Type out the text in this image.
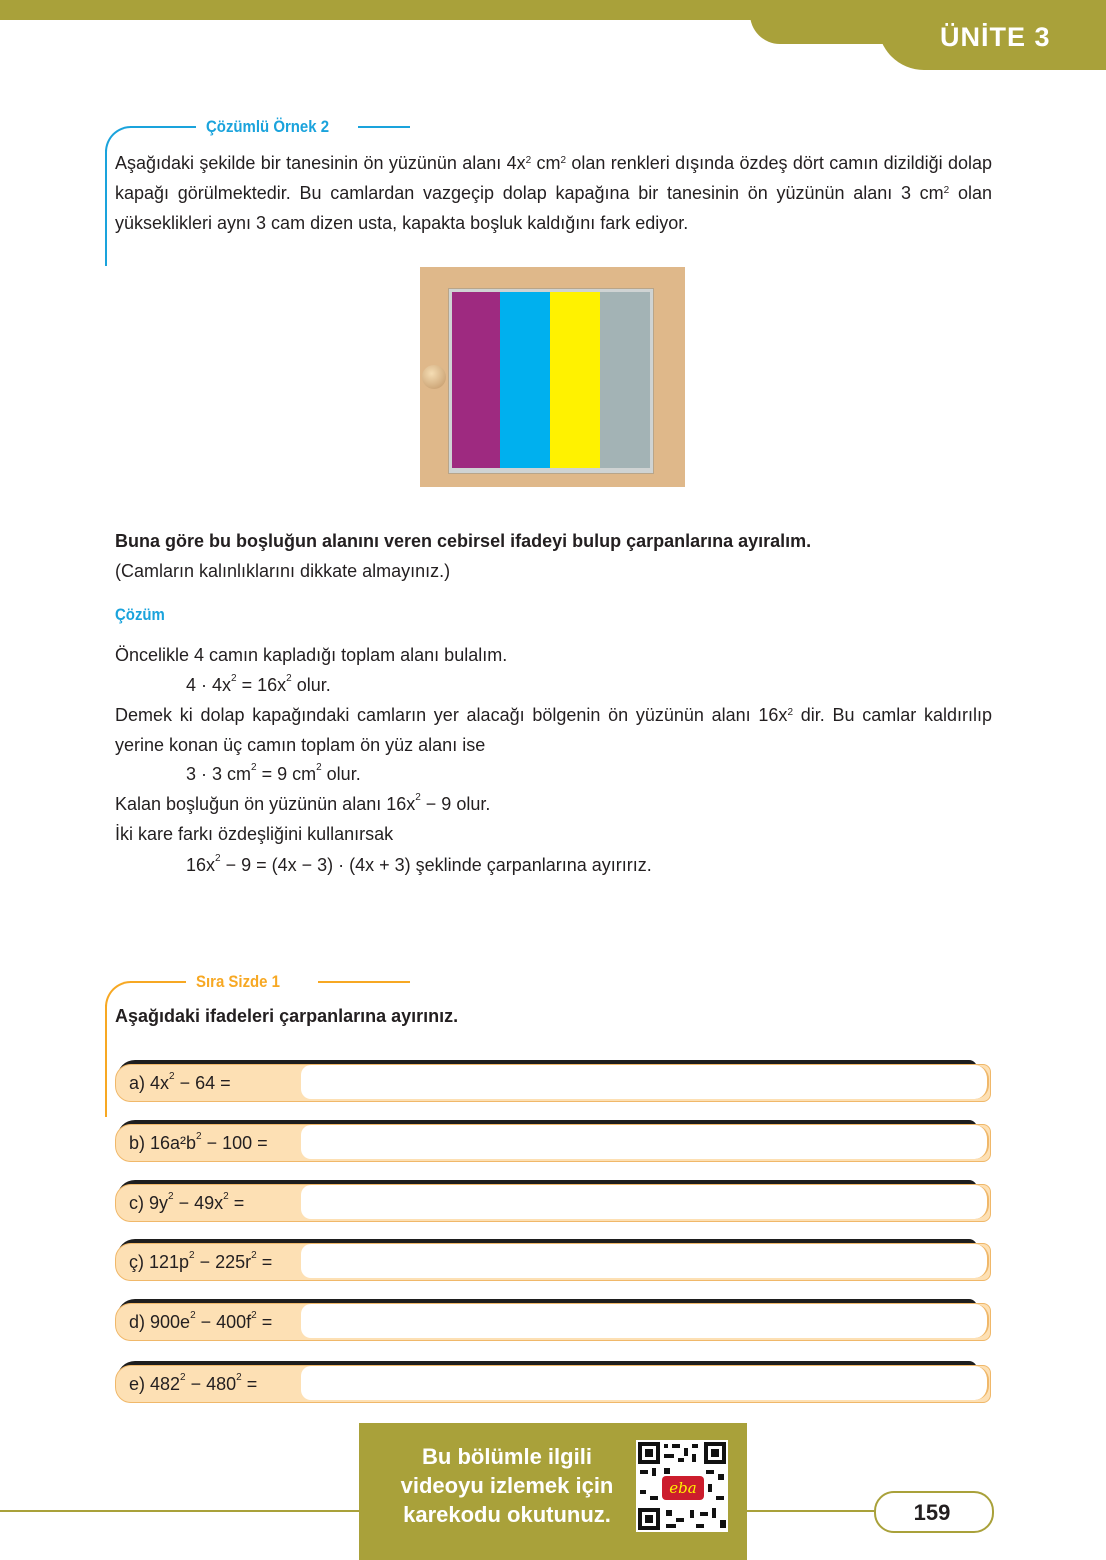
ÜNİTE 3
Çözümlü Örnek 2
Aşağıdaki şekilde bir tanesinin ön yüzünün alanı $4x^2$ $cm^2$ olan renkleri dışında özdeş dört camın dizildiği dolap kapağı görülmektedir. Bu camlardan vazgeçip dolap kapağına bir tanesinin ön yüzünün alanı 3 $cm^2$ olan yükseklikleri aynı 3 cam dizen usta, kapakta boşluk kaldığını fark ediyor.
Buna göre bu boşluğun alanını veren cebirsel ifadeyi bulup çarpanlarına ayıralım.
(Camların kalınlıklarını dikkate almayınız.)
Çözüm
Öncelikle 4 camın kapladığı toplam alanı bulalım.
$4 \cdot 4x^2 = 16x^2$ olur.
Demek ki dolap kapağındaki camların yer alacağı bölgenin ön yüzünün alanı $16x^2$ dir. Bu camlar kaldırılıp yerine konan üç camın toplam ön yüz alanı ise
3 · 3 $cm^2 = 9$ $cm^2$ olur.
Kalan boşluğun ön yüzünün alanı $16x^2 - 9$ olur.
İki kare farkı özdeşliğini kullanırsak
$16x^2 - 9 = (4x - 3) \cdot (4x + 3)$ şeklinde çarpanlarına ayırırız.
Sıra Sizde 1
Aşağıdaki ifadeleri çarpanlarına ayırınız.
a) $4x^2 - 64$ =
b) $16a^2b^2 - 100$ =
c) $9y^2 - 49x^2$ =
ç) $121p^2 - 225r^2$ =
d) $900e^2 - 400f^2$ =
e) $482^2 - 480^2$ =
Bu bölümle ilgili
videoyu izlemek için
karekodu okutunuz.
eba
159
